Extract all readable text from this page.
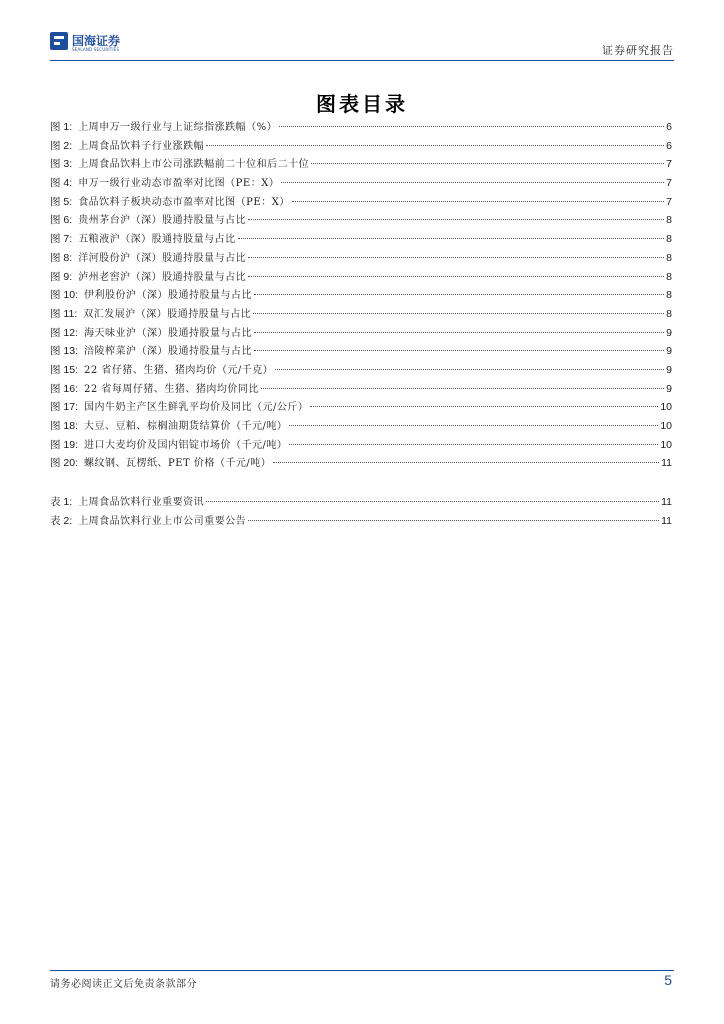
国海证券
SEALAND SECURITIES	证券研究报告
图表目录
图 1: 上周申万一级行业与上证综指涨跌幅（%）	6
图 2: 上周食品饮料子行业涨跌幅	6
图 3: 上周食品饮料上市公司涨跌幅前二十位和后二十位	7
图 4: 申万一级行业动态市盈率对比图（PE：X）	7
图 5: 食品饮料子板块动态市盈率对比图（PE：X）	7
图 6: 贵州茅台沪（深）股通持股量与占比	8
图 7: 五粮液沪（深）股通持股量与占比	8
图 8: 洋河股份沪（深）股通持股量与占比	8
图 9: 泸州老窖沪（深）股通持股量与占比	8
图 10: 伊利股份沪（深）股通持股量与占比	8
图 11: 双汇发展沪（深）股通持股量与占比	8
图 12: 海天味业沪（深）股通持股量与占比	9
图 13: 涪陵榨菜沪（深）股通持股量与占比	9
图 15: 22 省仔猪、生猪、猪肉均价（元/千克）	9
图 16: 22 省每周仔猪、生猪、猪肉均价同比	9
图 17: 国内牛奶主产区生鲜乳平均价及同比（元/公斤）	10
图 18: 大豆、豆粕、棕榈油期货结算价（千元/吨）	10
图 19: 进口大麦均价及国内铝锭市场价（千元/吨）	10
图 20: 螺纹钢、瓦楞纸、PET 价格（千元/吨）	11
表 1: 上周食品饮料行业重要资讯	11
表 2: 上周食品饮料行业上市公司重要公告	11
请务必阅读正文后免责条款部分	5
